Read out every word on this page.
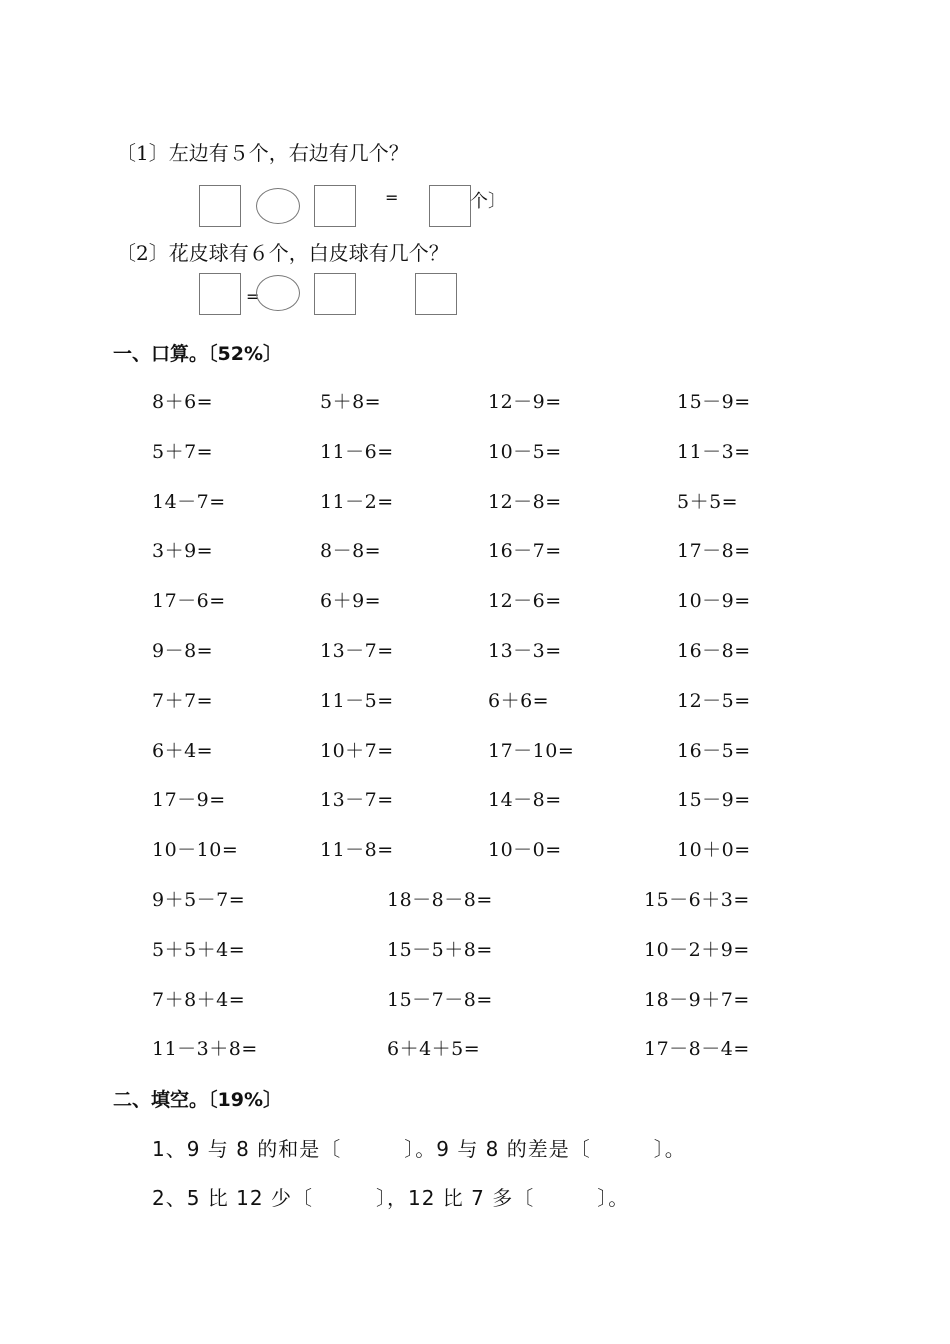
〔1〕左边有５个，右边有几个？
=	个〕
〔2〕花皮球有６个，白皮球有几个？
=
一、口算。〔52%〕
8＋6=	5＋8=	12－9=	15－9=
5＋7=	11－6=	10－5=	11－3=
14－7=	11－2=	12－8=	5＋5=
3＋9=	8－8=	16－7=	17－8=
17－6=	6＋9=	12－6=	10－9=
9－8=	13－7=	13－3=	16－8=
7＋7=	11－5=	6＋6=	12－5=
6＋4=	10＋7=	17－10=	16－5=
17－9=	13－7=	14－8=	15－9=
10－10=	11－8=	10－0=	10＋0=
9＋5－7=	18－8－8=	15－6＋3=
5＋5＋4=	15－5＋8=	10－2＋9=
7＋8＋4=	15－7－8=	18－9＋7=
11－3＋8=	6＋4＋5=	17－8－4=
二、填空。〔19%〕
1、9 与 8 的和是〔　　　〕。9 与 8 的差是〔　　　〕。
2、5 比 12 少〔　　　〕，12 比 7 多〔　　　〕。
